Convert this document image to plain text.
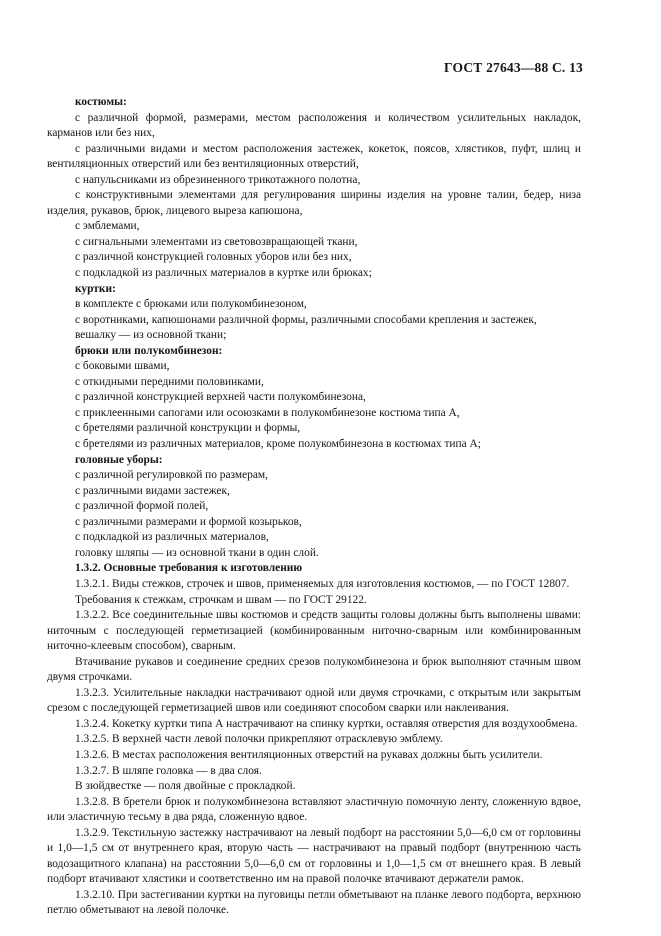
ГОСТ 27643—88 С. 13

костюмы:

с различной формой, размерами, местом расположения и количеством усилительных накладок, карманов или без них,

с различными видами и местом расположения застежек, кокеток, поясов, хлястиков, пуфт, шлиц и вентиляционных отверстий или без вентиляционных отверстий,

с напульсниками из обрезиненного трикотажного полотна,

с конструктивными элементами для регулирования ширины изделия на уровне талии, бедер, низа изделия, рукавов, брюк, лицевого выреза капюшона,

с эмблемами,

с сигнальными элементами из световозвращающей ткани,

с различной конструкцией головных уборов или без них,

с подкладкой из различных материалов в куртке или брюках;

куртки:

в комплекте с брюками или полукомбинезоном,

с воротниками, капюшонами различной формы, различными способами крепления и застежек,

вешалку — из основной ткани;

брюки или полукомбинезон:

с боковыми швами,

с откидными передними половинками,

с различной конструкцией верхней части полукомбинезона,

с приклеенными сапогами или осоюзками в полукомбинезоне костюма типа А,

с бретелями различной конструкции и формы,

с бретелями из различных материалов, кроме полукомбинезона в костюмах типа А;

головные уборы:

с различной регулировкой по размерам,

с различными видами застежек,

с различной формой полей,

с различными размерами и формой козырьков,

с подкладкой из различных материалов,

головку шляпы — из основной ткани в один слой.

1.3.2. Основные требования к изготовлению

1.3.2.1. Виды стежков, строчек и швов, применяемых для изготовления костюмов, — по ГОСТ 12807.

Требования к стежкам, строчкам и швам — по ГОСТ 29122.

1.3.2.2. Все соединительные швы костюмов и средств защиты головы должны быть выполнены швами: ниточным с последующей герметизацией (комбинированным ниточно-сварным или комбинированным ниточно-клеевым способом), сварным.

Втачивание рукавов и соединение средних срезов полукомбинезона и брюк выполняют стачным швом двумя строчками.

1.3.2.3. Усилительные накладки настрачивают одной или двумя строчками, с открытым или закрытым срезом с последующей герметизацией швов или соединяют способом сварки или наклеивания.

1.3.2.4. Кокетку куртки типа А настрачивают на спинку куртки, оставляя отверстия для воздухообмена.

1.3.2.5. В верхней части левой полочки прикрепляют отрасклевую эмблему.

1.3.2.6. В местах расположения вентиляционных отверстий на рукавах должны быть усилители.

1.3.2.7. В шляпе головка — в два слоя.

В зюйдвестке — поля двойные с прокладкой.

1.3.2.8. В бретели брюк и полукомбинезона вставляют эластичную помочную ленту, сложенную вдвое, или эластичную тесьму в два ряда, сложенную вдвое.

1.3.2.9. Текстильную застежку настрачивают на левый подборт на расстоянии 5,0—6,0 см от горловины и 1,0—1,5 см от внутреннего края, вторую часть — настрачивают на правый подборт (внутреннюю часть водозащитного клапана) на расстоянии 5,0—6,0 см от горловины и 1,0—1,5 см от внешнего края. В левый подборт втачивают хлястики и соответственно им на правой полочке втачивают держатели рамок.

1.3.2.10. При застегивании куртки на пуговицы петли обметывают на планке левого подборта, верхнюю петлю обметывают на левой полочке.
